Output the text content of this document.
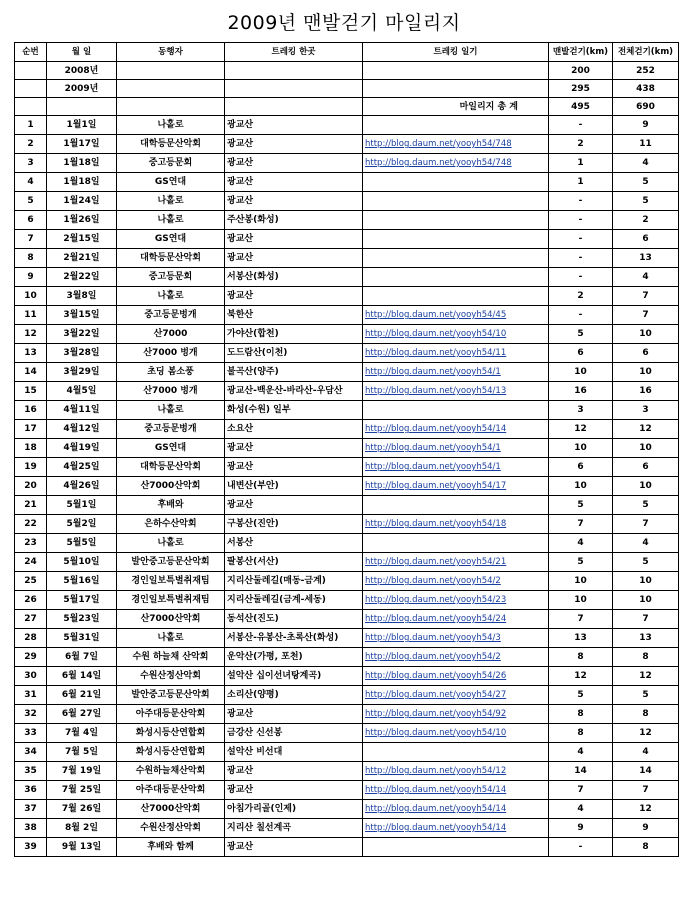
2009년 맨발걷기 마일리지
순번	월 일	동행자	트레킹 한곳	트레킹 일기	맨발걷기(km)	전체걷기(km)
	2008년				200	252
	2009년				295	438
				마일리지 총 계	495	690
1	1월1일	나홀로	광교산		-	9
2	1월17일	대학등문산악회	광교산	http://blog.daum.net/yooyh54/748	2	11
3	1월18일	중고등문회	광교산	http://blog.daum.net/yooyh54/748	1	4
4	1월18일	GS연대	광교산		1	5
5	1월24일	나홀로	광교산		-	5
6	1월26일	나홀로	주산봉(화성)		-	2
7	2월15일	GS연대	광교산		-	6
8	2월21일	대학등문산악회	광교산		-	13
9	2월22일	중고등문회	서봉산(화성)		-	4
10	3월8일	나홀로	광교산		2	7
11	3월15일	중고등문벙개	북한산	http://blog.daum.net/yooyh54/45	-	7
12	3월22일	산7000	가야산(합천)	http://blog.daum.net/yooyh54/10	5	10
13	3월28일	산7000 벙개	도드람산(이천)	http://blog.daum.net/yooyh54/11	6	6
14	3월29일	초딩 봄소풍	불곡산(양주)	http://blog.daum.net/yooyh54/1	10	10
15	4월5일	산7000 벙개	광교산-백운산-바라산-우담산	http://blog.daum.net/yooyh54/13	16	16
16	4월11일	나홀로	화성(수원) 일부		3	3
17	4월12일	중고등문벙개	소요산	http://blog.daum.net/yooyh54/14	12	12
18	4월19일	GS연대	광교산	http://blog.daum.net/yooyh54/1	10	10
19	4월25일	대학등문산악회	광교산	http://blog.daum.net/yooyh54/1	6	6
20	4월26일	산7000산악회	내변산(부안)	http://blog.daum.net/yooyh54/17	10	10
21	5월1일	후배와	광교산		5	5
22	5월2일	은하수산악회	구봉산(진안)	http://blog.daum.net/yooyh54/18	7	7
23	5월5일	나홀로	서봉산		4	4
24	5월10일	발안중고등문산악회	팔봉산(서산)	http://blog.daum.net/yooyh54/21	5	5
25	5월16일	경인일보특별취재팀	지리산둘레길(매동-금계)	http://blog.daum.net/yooyh54/2	10	10
26	5월17일	경인일보특별취재팀	지리산둘레길(금계-세동)	http://blog.daum.net/yooyh54/23	10	10
27	5월23일	산7000산악회	동석산(진도)	http://blog.daum.net/yooyh54/24	7	7
28	5월31일	나홀로	서봉산-유봉산-초록산(화성)	http://blog.daum.net/yooyh54/3	13	13
29	6월 7일	수원 하늘채 산악회	운악산(가평, 포천)	http://blog.daum.net/yooyh54/2	8	8
30	6월 14일	수원산정산악회	설악산 십이선녀탕계곡)	http://blog.daum.net/yooyh54/26	12	12
31	6월 21일	발안중고등문산악회	소리산(양평)	http://blog.daum.net/yooyh54/27	5	5
32	6월 27일	아주대등문산악회	광교산	http://blog.daum.net/yooyh54/92	8	8
33	7월 4일	화성시등산연합회	금강산 신선봉	http://blog.daum.net/yooyh54/10	8	12
34	7월 5일	화성시등산연합회	설악산 비선대		4	4
35	7월 19일	수원하늘채산악회	광교산	http://blog.daum.net/yooyh54/12	14	14
36	7월 25일	아주대등문산악회	광교산	http://blog.daum.net/yooyh54/14	7	7
37	7월 26일	산7000산악회	아침가리골(인제)	http://blog.daum.net/yooyh54/14	4	12
38	8월 2일	수원산정산악회	지리산 칠선계곡	http://blog.daum.net/yooyh54/14	9	9
39	9월 13일	후배와 함께	광교산		-	8
